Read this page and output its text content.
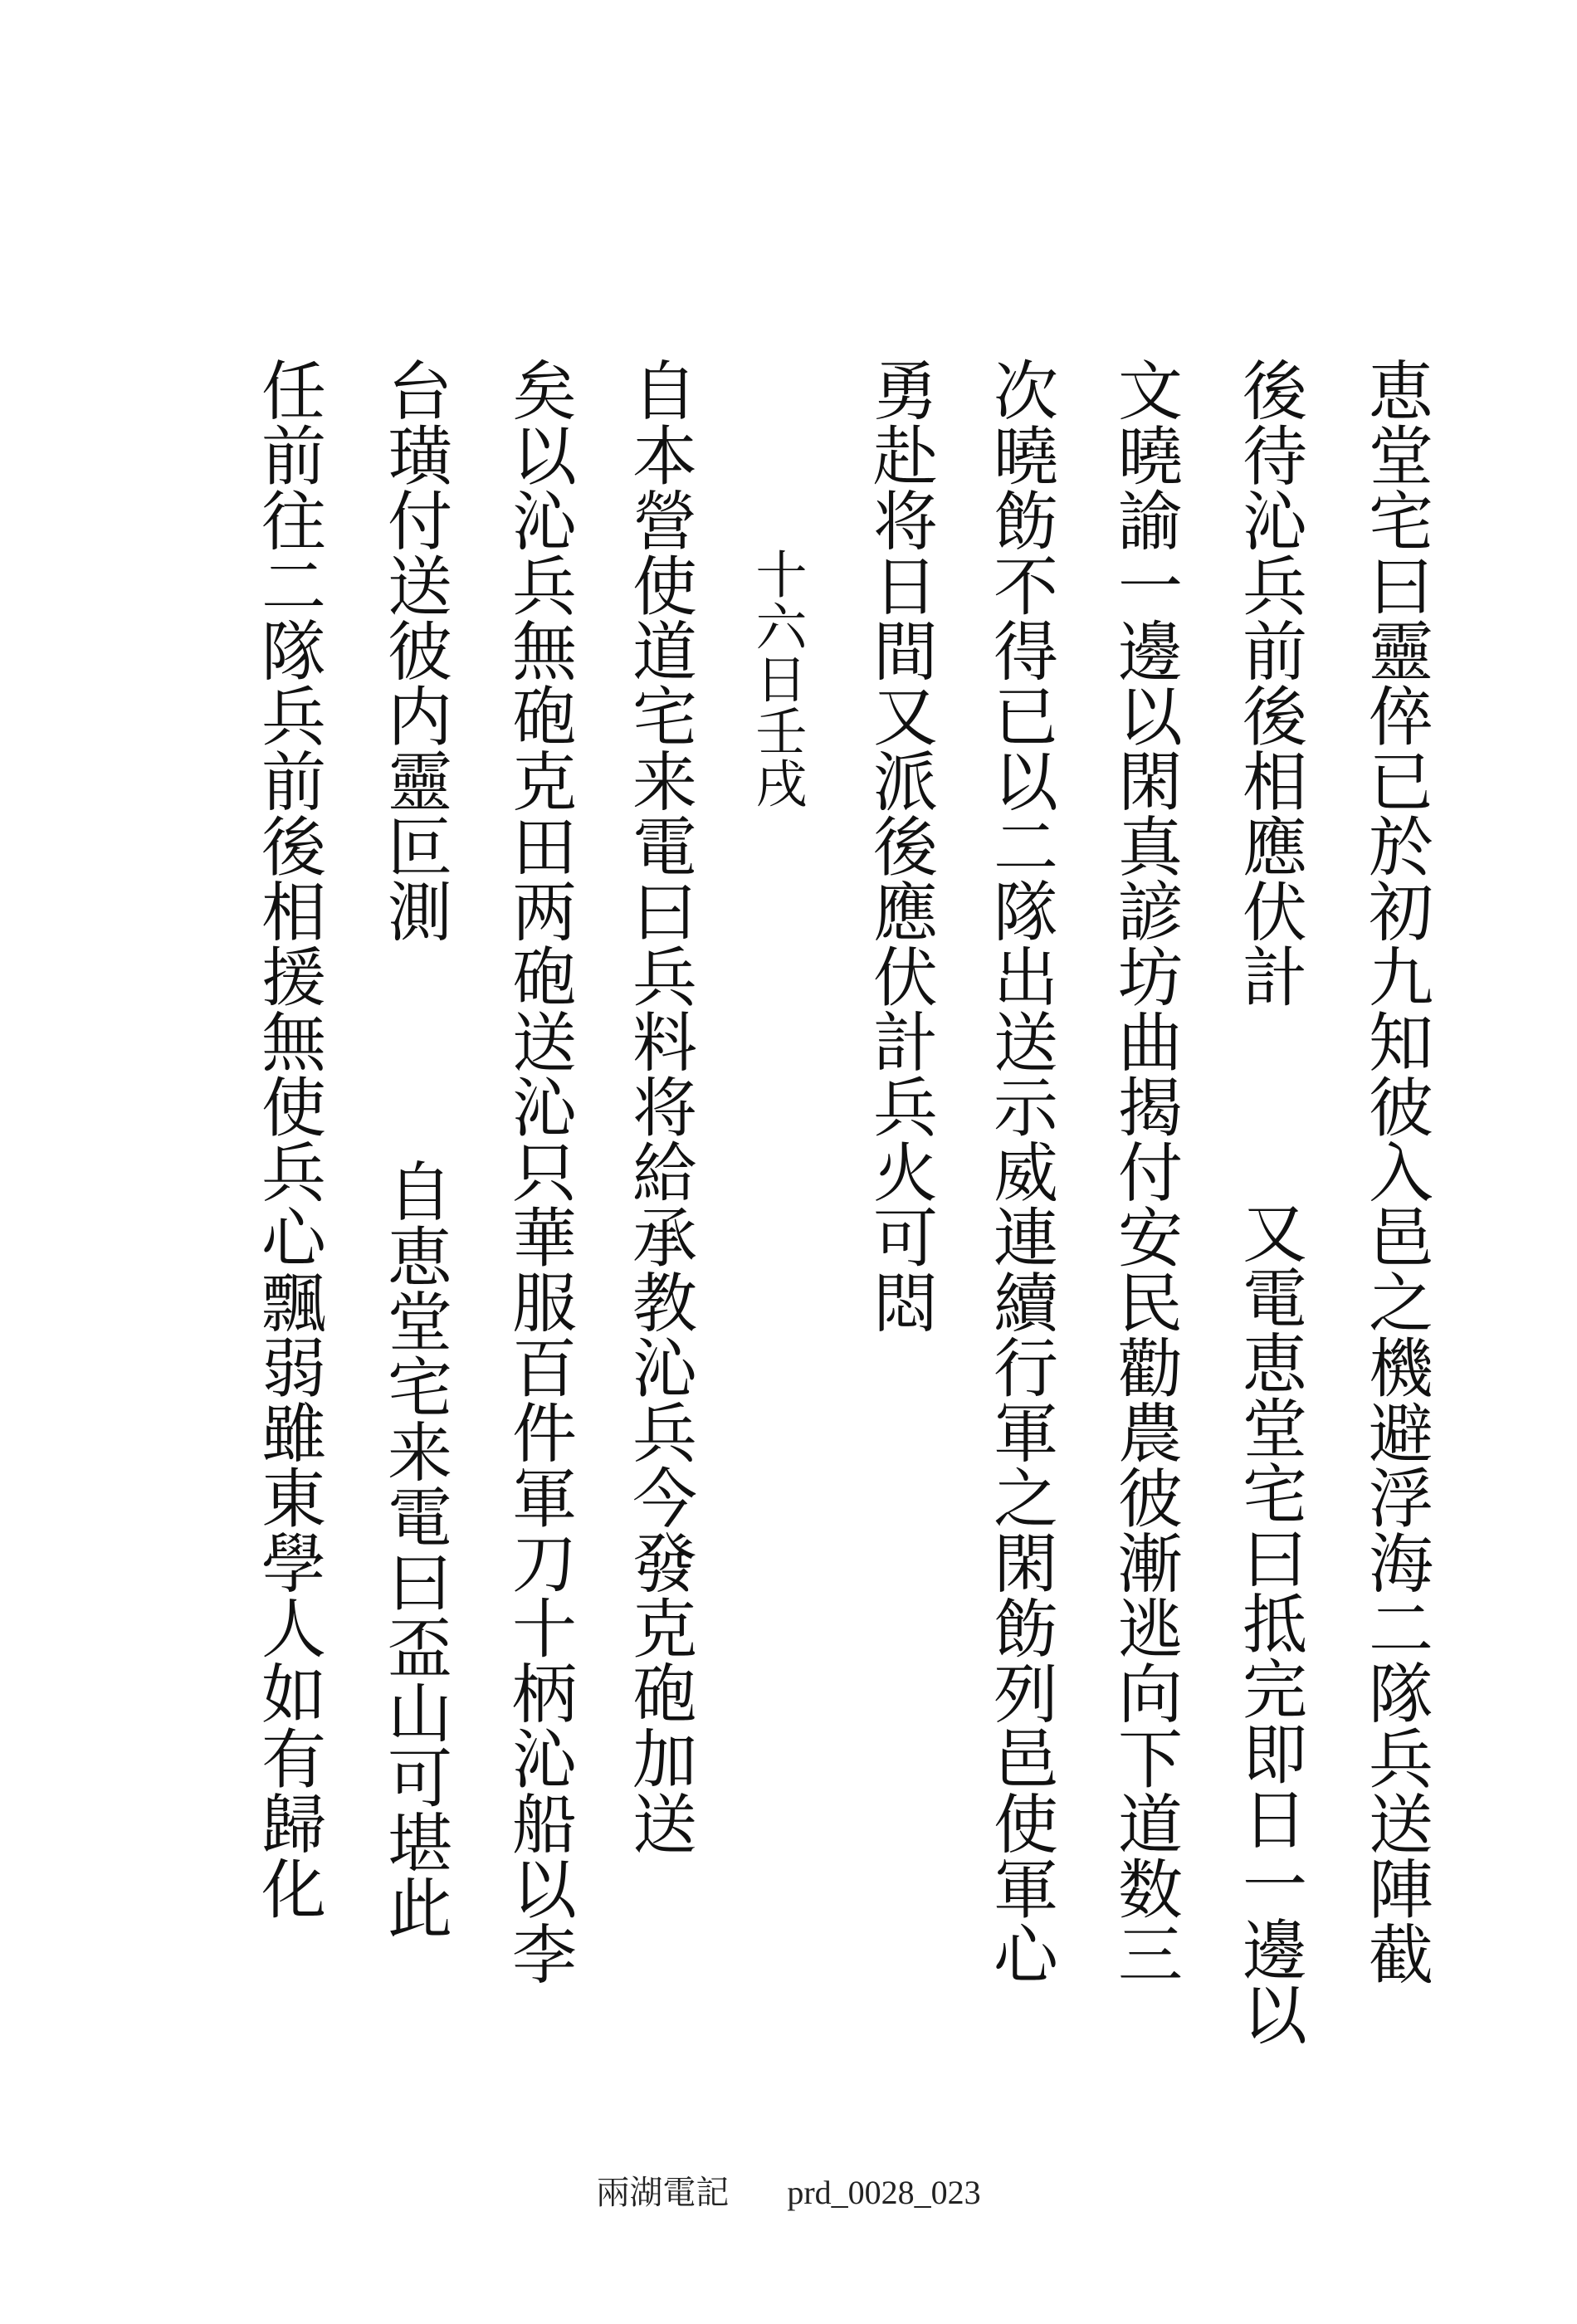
恵堂宅曰靈倅已於初九知彼入邑之機避浮海二隊兵送陣截
後待沁兵前後相應伏計
又電恵堂宅曰抵完即日一邊以
文曉諭一邊以閑真諺坊曲揭付安民勸農彼漸逃向下道数三
次曉飭不得已以二隊出送示威連續行軍之閑飭列邑使軍心
勇赴将日間又派後應伏計兵火可悶
十六日壬戌
自本營使道宅来電曰兵料将給承教沁兵今發克砲加送
矣以沁兵無砲克田两砲送沁只華服百件軍刀十柄沁船以李
台璜付送彼内靈叵測
自恵堂宅来電曰盃山可堪此
任前往二隊兵前後相援無使兵心飄弱雖東學人如有歸化
兩湖電記 prd_0028_023
